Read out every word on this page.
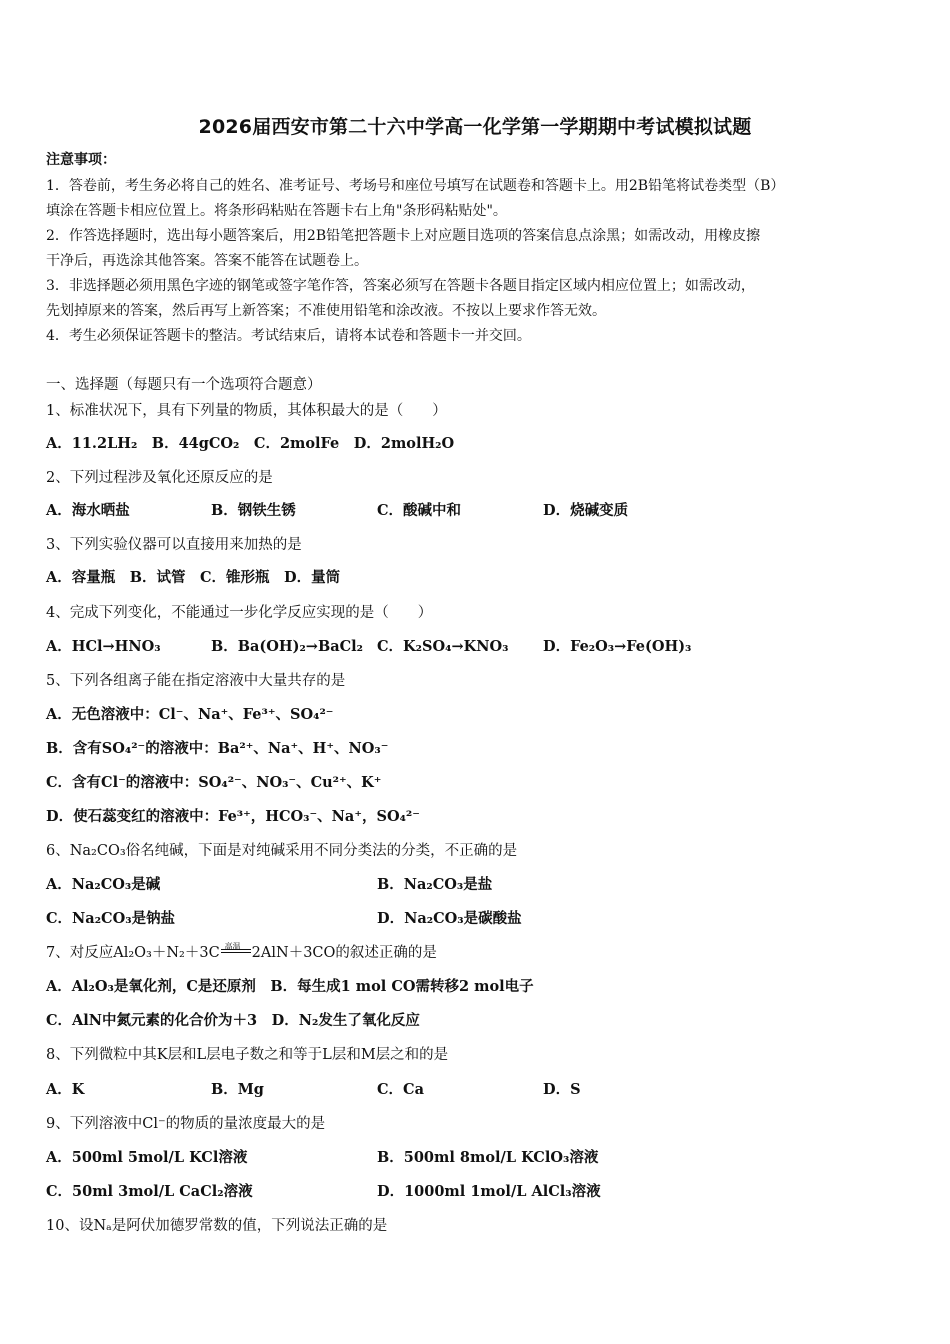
2026届西安市第二十六中学高一化学第一学期期中考试模拟试题
注意事项：
1．答卷前，考生务必将自己的姓名、准考证号、考场号和座位号填写在试题卷和答题卡上。用2B铅笔将试卷类型（B）
填涂在答题卡相应位置上。将条形码粘贴在答题卡右上角"条形码粘贴处"。
2．作答选择题时，选出每小题答案后，用2B铅笔把答题卡上对应题目选项的答案信息点涂黑；如需改动，用橡皮擦
干净后，再选涂其他答案。答案不能答在试题卷上。
3．非选择题必须用黑色字迹的钢笔或签字笔作答，答案必须写在答题卡各题目指定区域内相应位置上；如需改动，
先划掉原来的答案，然后再写上新答案；不准使用铅笔和涂改液。不按以上要求作答无效。
4．考生必须保证答题卡的整洁。考试结束后，请将本试卷和答题卡一并交回。
一、选择题（每题只有一个选项符合题意）
1、标准状况下，具有下列量的物质，其体积最大的是（　　）
A．11.2LH₂　B．44gCO₂　C．2molFe　D．2molH₂O
2、下列过程涉及氧化还原反应的是
A．海水晒盐	B．钢铁生锈	C．酸碱中和	D．烧碱变质
3、下列实验仪器可以直接用来加热的是
A．容量瓶　B．试管　C．锥形瓶　D．量筒
4、完成下列变化，不能通过一步化学反应实现的是（　　）
A．HCl→HNO₃	B．Ba(OH)₂→BaCl₂ C．K₂SO₄→KNO₃ D．Fe₂O₃→Fe(OH)₃
5、下列各组离子能在指定溶液中大量共存的是
A．无色溶液中：Cl⁻、Na⁺、Fe³⁺、SO₄²⁻
B．含有SO₄²⁻的溶液中：Ba²⁺、Na⁺、H⁺、NO₃⁻
C．含有Cl⁻的溶液中：SO₄²⁻、NO₃⁻、Cu²⁺、K⁺
D．使石蕊变红的溶液中：Fe³⁺，HCO₃⁻、Na⁺，SO₄²⁻
6、Na₂CO₃俗名纯碱，下面是对纯碱采用不同分类法的分类，不正确的是
A．Na₂CO₃是碱	B．Na₂CO₃是盐
C．Na₂CO₃是钠盐	D．Na₂CO₃是碳酸盐
7、对反应Al₂O₃＋N₂＋3C 高温 2AlN＋3CO的叙述正确的是
A．Al₂O₃是氧化剂，C是还原剂　B．每生成1 mol CO需转移2 mol电子
C．AlN中氮元素的化合价为＋3　D．N₂发生了氧化反应
8、下列微粒中其K层和L层电子数之和等于L层和M层之和的是
A．K	B．Mg	C．Ca	D．S
9、下列溶液中Cl⁻的物质的量浓度最大的是
A．500ml 5mol/L KCl溶液	B．500ml 8mol/L KClO₃溶液
C．50ml 3mol/L CaCl₂溶液	D．1000ml 1mol/L AlCl₃溶液
10、设Nₐ是阿伏加德罗常数的值，下列说法正确的是
